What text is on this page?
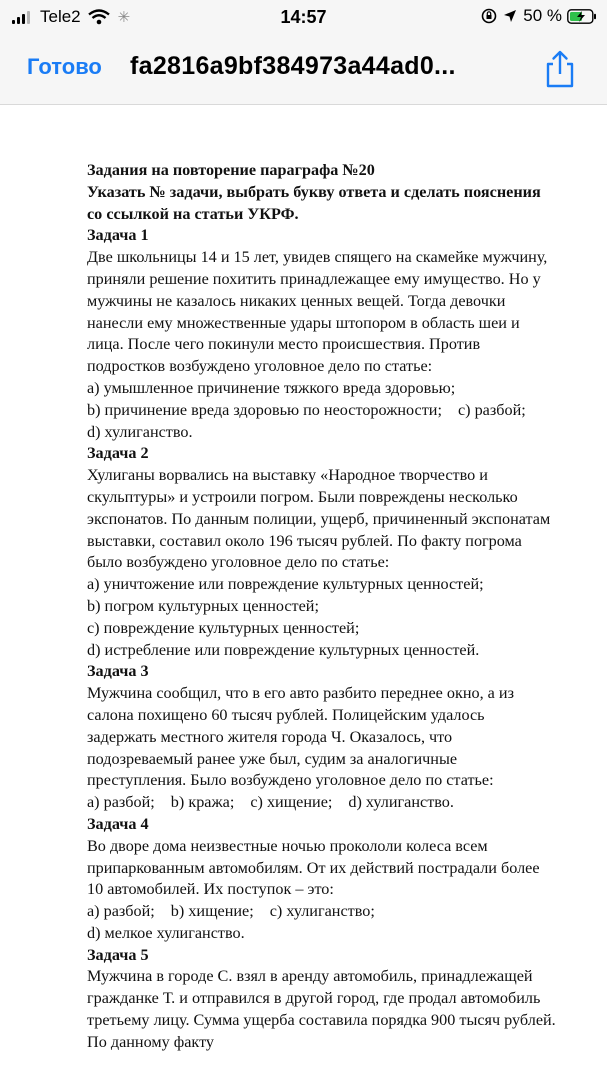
Tele2 ✳	14:57	50 %
Готово fa2816a9bf384973a44ad0...

Задания на повторение параграфа №20

Указать № задачи, выбрать букву ответа и сделать пояснения со ссылкой на статьи УКРФ.

Задача 1

Две школьницы 14 и 15 лет, увидев спящего на скамейке мужчину, приняли решение похитить принадлежащее ему имущество. Но у мужчины не казалось никаких ценных вещей. Тогда девочки нанесли ему множественные удары штопором в область шеи и лица. После чего покинули место происшествия. Против подростков возбуждено уголовное дело по статье:

а) умышленное причинение тяжкого вреда здоровью;

b) причинение вреда здоровью по неосторожности; с) разбой;
d) хулиганство.

Задача 2

Хулиганы ворвались на выставку «Народное творчество и скульптуры» и устроили погром. Были повреждены несколько экспонатов. По данным полиции, ущерб, причиненный экспонатам выставки, составил около 196 тысяч рублей. По факту погрома было возбуждено уголовное дело по статье:

а) уничтожение или повреждение культурных ценностей;

b) погром культурных ценностей;

с) повреждение культурных ценностей;

d) истребление или повреждение культурных ценностей.

Задача 3

Мужчина сообщил, что в его авто разбито переднее окно, а из салона похищено 60 тысяч рублей. Полицейским удалось задержать местного жителя города Ч. Оказалось, что подозреваемый ранее уже был, судим за аналогичные преступления. Было возбуждено уголовное дело по статье:

а) разбой; b) кража; с) хищение; d) хулиганство.

Задача 4

Во дворе дома неизвестные ночью прокололи колеса всем припаркованным автомобилям. От их действий пострадали более 10 автомобилей. Их поступок – это:

а) разбой; b) хищение; с) хулиганство;
d) мелкое хулиганство.

Задача 5

Мужчина в городе С. взял в аренду автомобиль, принадлежащей гражданке Т. и отправился в другой город, где продал автомобиль третьему лицу. Сумма ущерба составила порядка 900 тысяч рублей. По данному факту
